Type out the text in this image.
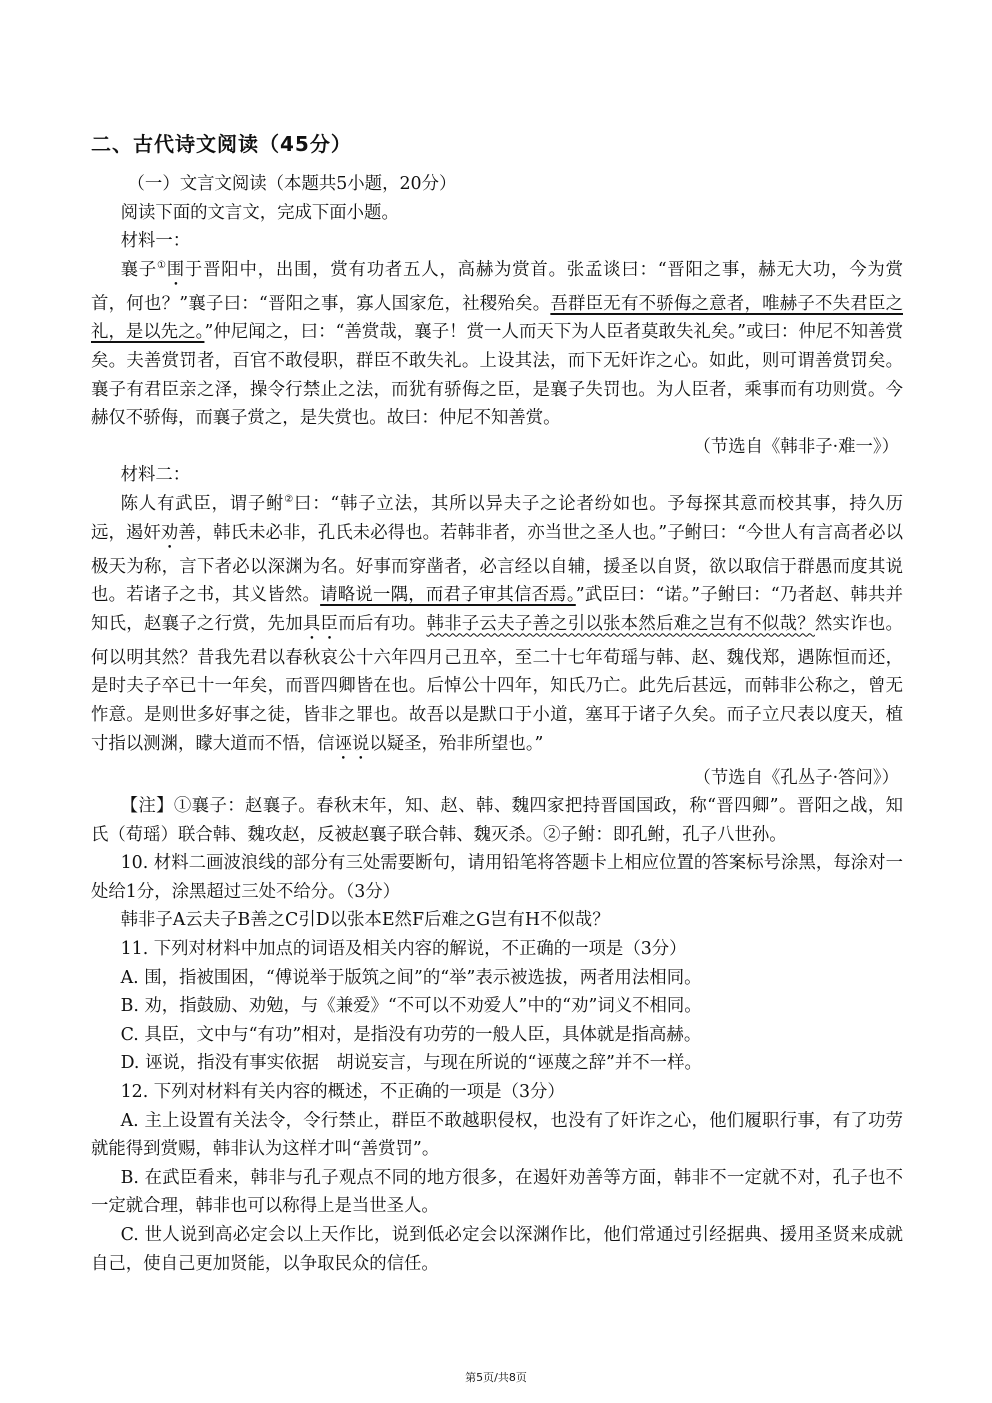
二、古代诗文阅读（45分）

（一）文言文阅读（本题共5小题，20分）

阅读下面的文言文，完成下面小题。

材料一：

襄子①围于晋阳中，出围，赏有功者五人，高赫为赏首。张孟谈曰：“晋阳之事，赫无大功，今为赏首，何也？”襄子曰：“晋阳之事，寡人国家危，社稷殆矣。吾群臣无有不骄侮之意者，唯赫子不失君臣之礼，是以先之。”仲尼闻之，曰：“善赏哉，襄子！赏一人而天下为人臣者莫敢失礼矣。”或曰：仲尼不知善赏矣。夫善赏罚者，百官不敢侵职，群臣不敢失礼。上设其法，而下无奸诈之心。如此，则可谓善赏罚矣。襄子有君臣亲之泽，操令行禁止之法，而犹有骄侮之臣，是襄子失罚也。为人臣者，乘事而有功则赏。今赫仅不骄侮，而襄子赏之，是失赏也。故曰：仲尼不知善赏。

（节选自《韩非子·难一》）

材料二：

陈人有武臣，谓子鲋②曰：“韩子立法，其所以异夫子之论者纷如也。予每探其意而校其事，持久历远，遏奸劝善，韩氏未必非，孔氏未必得也。若韩非者，亦当世之圣人也。”子鲋曰：“今世人有言高者必以极天为称，言下者必以深渊为名。好事而穿凿者，必言经以自辅，援圣以自贤，欲以取信于群愚而度其说也。若诸子之书，其义皆然。请略说一隅，而君子审其信否焉。”武臣曰：“诺。”子鲋曰：“乃者赵、韩共并知氏，赵襄子之行赏，先加具臣而后有功。韩非子云夫子善之引以张本然后难之岂有不似哉？然实诈也。何以明其然？昔我先君以春秋哀公十六年四月己丑卒，至二十七年荀瑶与韩、赵、魏伐郑，遇陈恒而还，是时夫子卒已十一年矣，而晋四卿皆在也。后悼公十四年，知氏乃亡。此先后甚远，而韩非公称之，曾无怍意。是则世多好事之徒，皆非之罪也。故吾以是默口于小道，塞耳于诸子久矣。而子立尺表以度天，植寸指以测渊，矇大道而不悟，信诬说以疑圣，殆非所望也。”

（节选自《孔丛子·答问》）

【注】①襄子：赵襄子。春秋末年，知、赵、韩、魏四家把持晋国国政，称“晋四卿”。晋阳之战，知氏（荀瑶）联合韩、魏攻赵，反被赵襄子联合韩、魏灭杀。②子鲋：即孔鲋，孔子八世孙。

10. 材料二画波浪线的部分有三处需要断句，请用铅笔将答题卡上相应位置的答案标号涂黑，每涂对一处给1分，涂黑超过三处不给分。（3分）

韩非子A云夫子B善之C引D以张本E然F后难之G岂有H不似哉？

11. 下列对材料中加点的词语及相关内容的解说，不正确的一项是（3分）

A. 围，指被围困，“傅说举于版筑之间”的“举”表示被选拔，两者用法相同。

B. 劝，指鼓励、劝勉，与《兼爱》“不可以不劝爱人”中的“劝”词义不相同。

C. 具臣，文中与“有功”相对，是指没有功劳的一般人臣，具体就是指高赫。

D. 诬说，指没有事实依据　胡说妄言，与现在所说的“诬蔑之辞”并不一样。

12. 下列对材料有关内容的概述，不正确的一项是（3分）

A. 主上设置有关法令，令行禁止，群臣不敢越职侵权，也没有了奸诈之心，他们履职行事，有了功劳就能得到赏赐，韩非认为这样才叫“善赏罚”。

B. 在武臣看来，韩非与孔子观点不同的地方很多，在遏奸劝善等方面，韩非不一定就不对，孔子也不一定就合理，韩非也可以称得上是当世圣人。

C. 世人说到高必定会以上天作比，说到低必定会以深渊作比，他们常通过引经据典、援用圣贤来成就自己，使自己更加贤能，以争取民众的信任。

第5页/共8页
